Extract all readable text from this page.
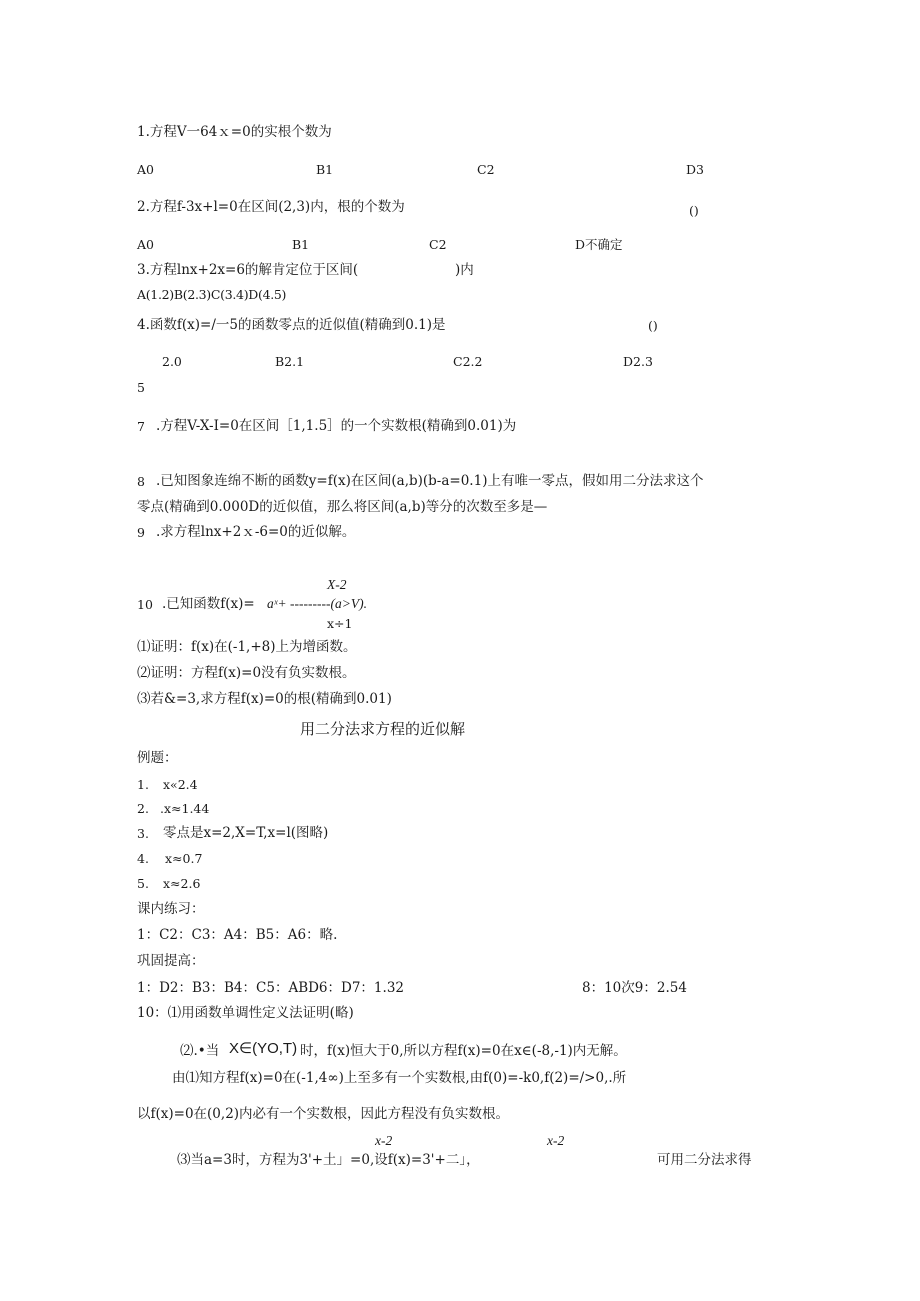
1.方程V一64ｘ=0的实根个数为
A0	B1	C2	D3
2.方程f-3x+l=0在区间(2,3)内，根的个数为	()
A0	B1	C2	D不确定
3.方程lnx+2x=6的解肯定位于区间(	)内
A(1.2)B(2.3)C(3.4)D(4.5)
4.函数f(x)=/一5的函数零点的近似值(精确到0.1)是	()
2.0	B2.1	C2.2	D2.3
5
7 .方程V-X-I=0在区间［1,1.5］的一个实数根(精确到0.01)为
8 .已知图象连绵不断的函数y=f(x)在区间(a,b)(b-a=0.1)上有唯一零点，假如用二分法求这个
零点(精确到0.000D的近似值，那么将区间(a,b)等分的次数至多是—
9 .求方程lnx+2ｘ-6=0的近似解。
X-2
10 .已知函数f(x)= aˣ+ ---------(a>V).
x÷1
⑴证明：f(x)在(-1,+8)上为增函数。
⑵证明：方程f(x)=0没有负实数根。
⑶若&=3,求方程f(x)=0的根(精确到0.01)
用二分法求方程的近似解
例题：
1. x«2.4
2. .x≈1.44
3. 零点是x=2,X=T,x=l(图略)
4. x≈0.7
5. x≈2.6
课内练习：
1：C2：C3：A4：B5：A6：略.
巩固提高：
1：D2：B3：B4：C5：ABD6：D7：1.32	8：10次9：2.54
10：⑴用函数单调性定义法证明(略)
⑵.•当 X∈(YO,T) 时，f(x)恒大于0,所以方程f(x)=0在x∈(-8,-1)内无解。
由⑴知方程f(x)=0在(-1,4∞)上至多有一个实数根,由f(0)=-k0,f(2)=/>0,.所
以f(x)=0在(0,2)内必有一个实数根，因此方程没有负实数根。
x-2	x-2
⑶当a=3时，方程为3'+土」=0,设f(x)=3'+二」，	可用二分法求得
